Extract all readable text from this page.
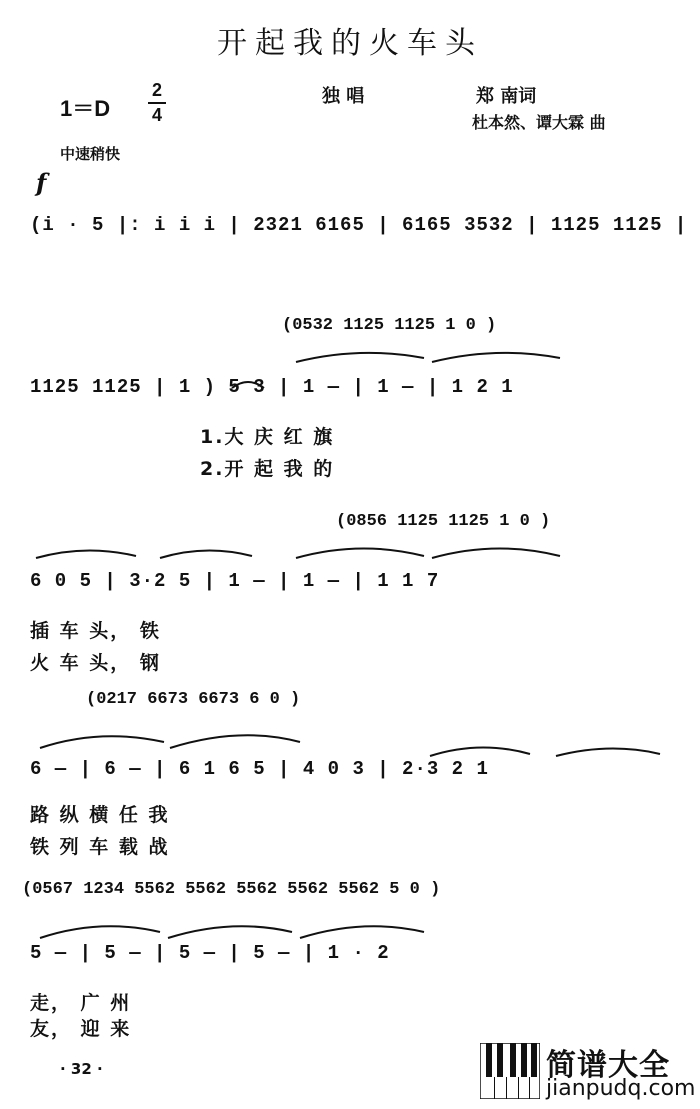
开起我的火车头
1＝D
2
4
独 唱	郑 南词
杜本然、谭大霖 曲
中速稍快
f
(i · 5 |: i i i | 2321 6165 | 6165 3532 | 1125 1125 |
(0532 1125 1125 1 0 )
1125 1125 | 1 ) 5 3 | 1 — | 1 — | 1 2 1
1.大 庆 红 旗
2.开 起 我 的
(0856 1125 1125 1 0 )
6 0 5 | 3·2 5 | 1 — | 1 — | 1 1 7
插 车 头， 铁
火 车 头， 钢
(0217 6673 6673 6 0 )
6 — | 6 — | 6 1 6 5 | 4 0 3 | 2·3 2 1
路 纵 横 任 我
铁 列 车 载 战
(0567 1234 5562 5562 5562 5562 5562 5 0 )
5 — | 5 — | 5 — | 5 — | 1 · 2
走， 广 州
友， 迎 来
· 32 ·	简谱大全
jianpudq.com
